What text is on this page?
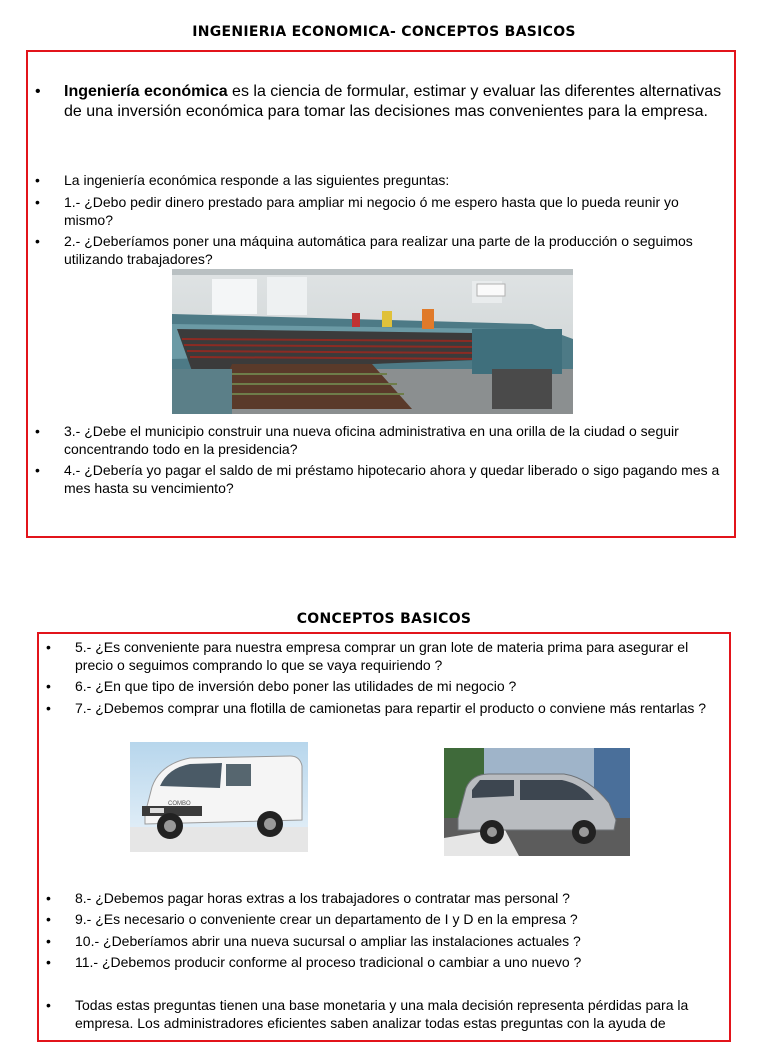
INGENIERIA ECONOMICA- CONCEPTOS BASICOS
• Ingeniería económica es la ciencia de formular, estimar y evaluar las diferentes alternativas de una inversión económica para tomar las decisiones mas convenientes para la empresa.
• La ingeniería económica responde a las siguientes preguntas:
• 1.- ¿Debo pedir dinero prestado para ampliar mi negocio ó me espero hasta que lo pueda reunir yo mismo?
• 2.- ¿Deberíamos poner una máquina automática para realizar una parte de la producción o seguimos utilizando trabajadores?
• 3.- ¿Debe el municipio construir una nueva oficina administrativa en una orilla de la ciudad o seguir concentrando todo en la presidencia?
• 4.- ¿Debería yo pagar el saldo de mi préstamo hipotecario ahora y quedar liberado o sigo pagando mes a mes hasta su vencimiento?
CONCEPTOS BASICOS
• 5.- ¿Es conveniente para nuestra empresa comprar un gran lote de materia prima para asegurar el precio o seguimos comprando lo que se vaya requiriendo ?
• 6.- ¿En que tipo de inversión debo poner las utilidades de mi negocio ?
• 7.- ¿Debemos comprar una flotilla de camionetas para repartir el producto o conviene más rentarlas ?
COMBO
• 8.- ¿Debemos pagar horas extras a los trabajadores o contratar mas personal ?
• 9.- ¿Es necesario o conveniente crear un departamento de I y D en la empresa ?
• 10.- ¿Deberíamos abrir una nueva sucursal o ampliar las instalaciones actuales ?
• 11.- ¿Debemos producir conforme al proceso tradicional o cambiar a uno nuevo ?
• Todas estas preguntas tienen una base monetaria y una mala decisión representa pérdidas para la empresa. Los administradores eficientes saben analizar todas estas preguntas con la ayuda de
